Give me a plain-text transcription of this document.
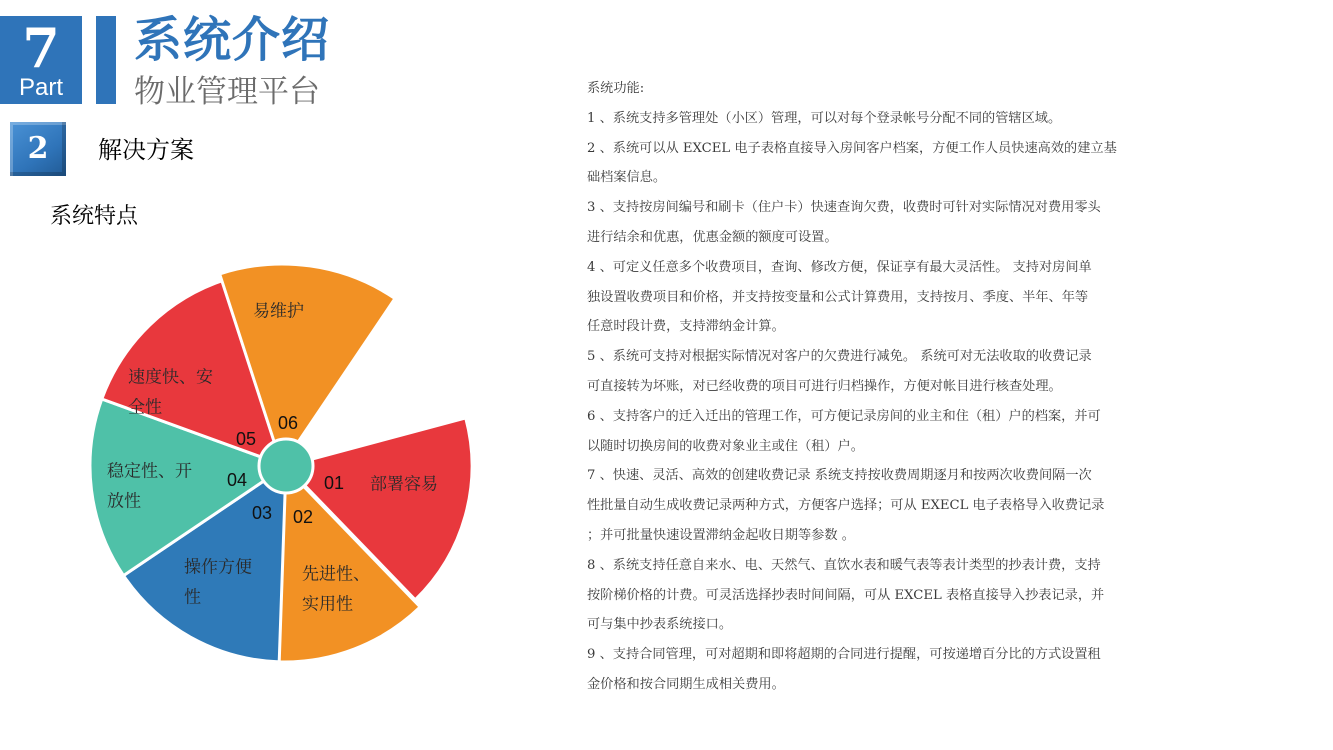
7
Part
系统介绍
物业管理平台
2	解决方案
系统特点
01 部署容易
02
先进性、
实用性
03
操作方便
性
04
稳定性、开
放性
05
速度快、安
全性
06
易维护

系统功能:

1 、系统支持多管理处（小区）管理，可以对每个登录帐号分配不同的管辖区域。

2 、系统可以从 EXCEL 电子表格直接导入房间客户档案，方便工作人员快速高效的建立基

础档案信息。

3 、支持按房间编号和刷卡（住户卡）快速查询欠费，收费时可针对实际情况对费用零头

进行结余和优惠，优惠金额的额度可设置。

4 、可定义任意多个收费项目，查询、修改方便，保证享有最大灵活性。 支持对房间单

独设置收费项目和价格，并支持按变量和公式计算费用，支持按月、季度、半年、年等

任意时段计费，支持滞纳金计算。

5 、系统可支持对根据实际情况对客户的欠费进行减免。 系统可对无法收取的收费记录

可直接转为坏账，对已经收费的项目可进行归档操作，方便对帐目进行核查处理。

6 、支持客户的迁入迁出的管理工作，可方便记录房间的业主和住（租）户的档案，并可

以随时切换房间的收费对象业主或住（租）户。

7 、快速、灵活、高效的创建收费记录 系统支持按收费周期逐月和按两次收费间隔一次

性批量自动生成收费记录两种方式，方便客户选择；可从 EXECL 电子表格导入收费记录

；并可批量快速设置滞纳金起收日期等参数 。

8 、系统支持任意自来水、电、天然气、直饮水表和暖气表等表计类型的抄表计费，支持

按阶梯价格的计费。可灵活选择抄表时间间隔，可从 EXCEL 表格直接导入抄表记录，并

可与集中抄表系统接口。

9 、支持合同管理，可对超期和即将超期的合同进行提醒，可按递增百分比的方式设置租

金价格和按合同期生成相关费用。
